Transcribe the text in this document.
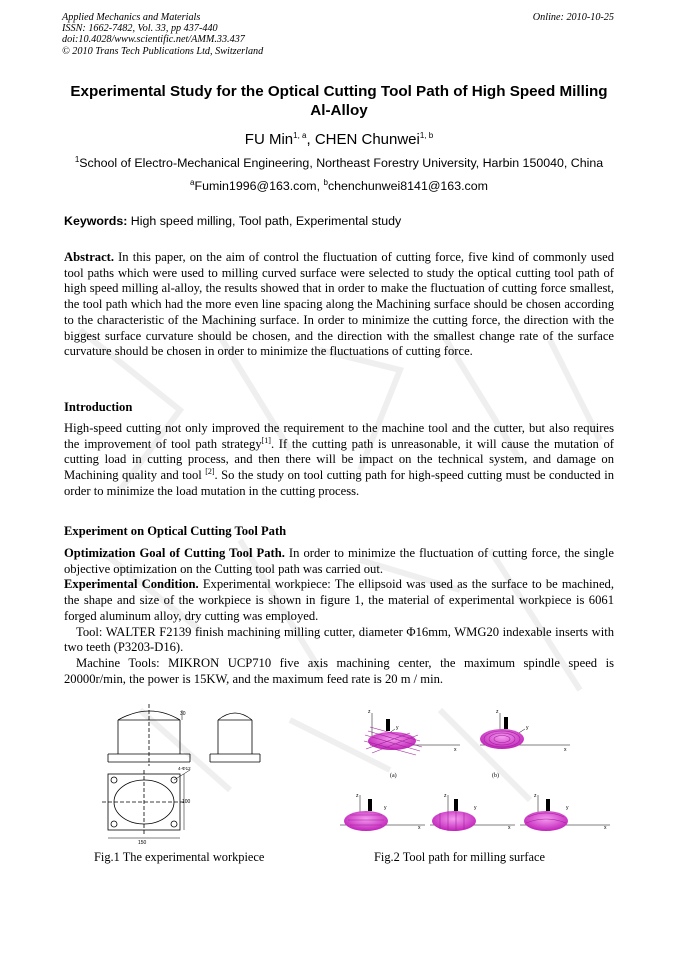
Applied Mechanics and Materials
ISSN: 1662-7482, Vol. 33, pp 437-440
doi:10.4028/www.scientific.net/AMM.33.437
© 2010 Trans Tech Publications Ltd, Switzerland
Online: 2010-10-25
Experimental Study for the Optical Cutting Tool Path of High Speed Milling Al-Alloy
FU Min$^{1, a}$, CHEN Chunwei$^{1, b}$
$^1$School of Electro-Mechanical Engineering, Northeast Forestry University, Harbin 150040, China
$^a$Fumin1996@163.com, $^b$chenchunwei8141@163.com
Keywords: High speed milling, Tool path, Experimental study
Abstract. In this paper, on the aim of control the fluctuation of cutting force, five kind of commonly used tool paths which were used to milling curved surface were selected to study the optical cutting tool path of high speed milling al-alloy, the results showed that in order to make the fluctuation of cutting force smallest, the tool path which had the more even line spacing along the Machining surface should be chosen according to the characteristic of the Machining surface. In order to minimize the cutting force, the direction with the biggest surface curvature should be chosen, and the direction with the smallest change rate of the surface curvature should be chosen in order to minimize the fluctuations of cutting force.
Introduction
High-speed cutting not only improved the requirement to the machine tool and the cutter, but also requires the improvement of tool path strategy[1]. If the cutting path is unreasonable, it will cause the mutation of cutting load in cutting process, and then there will be impact on the technical system, and damage on Machining quality and tool [2]. So the study on tool cutting path for high-speed cutting must be conducted in order to minimize the load mutation in the cutting process.
Experiment on Optical Cutting Tool Path
Optimization Goal of Cutting Tool Path. In order to minimize the fluctuation of cutting force, the single objective optimization on the Cutting tool path was carried out.
Experimental Condition. Experimental workpiece: The ellipsoid was used as the surface to be machined, the shape and size of the workpiece is shown in figure 1, the material of experimental workpiece is 6061 forged aluminum alloy, dry cutting was employed.
Tool: WALTER F2139 finish machining milling cutter, diameter Φ16mm, WMG20 indexable inserts with two teeth (P3203-D16).
Machine Tools: MIKRON UCP710 five axis machining center, the maximum spindle speed is 20000r/min, the power is 15KW, and the maximum feed rate is 20 m / min.
30
100
150
4-Φ12
Fig.1 The experimental workpiece
z
y
x
(a)
z
y
x
(b)
z
y
x
z
y
x
z
y
x
Fig.2 Tool path for milling surface
